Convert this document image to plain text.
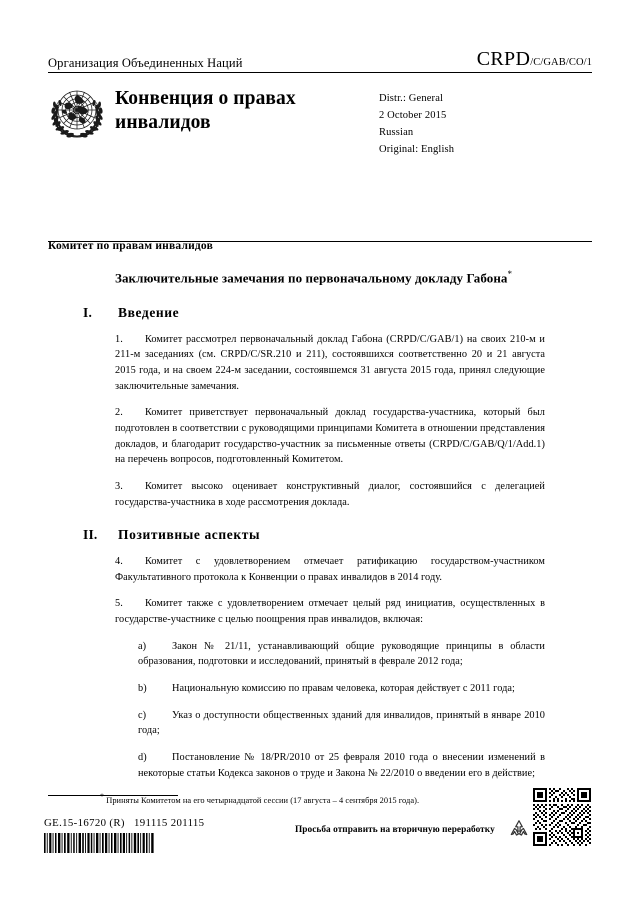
Организация Объединенных Наций	CRPD /C/GAB/CO/1
Конвенция о правах инвалидов
Distr.: General
2 October 2015
Russian
Original: English
Комитет по правам инвалидов
Заключительные замечания по первоначальному докладу Габона*
I.	Введение

1. Комитет рассмотрел первоначальный доклад Габона (CRPD/C/GAB/1) на своих 210-м и 211-м заседаниях (см. CRPD/C/SR.210 и 211), состоявшихся соответственно 20 и 21 августа 2015 года, и на своем 224-м заседании, состоявшемся 31 августа 2015 года, принял следующие заключительные замечания.

2. Комитет приветствует первоначальный доклад государства-участника, который был подготовлен в соответствии с руководящими принципами Комитета в отношении представления докладов, и благодарит государство-участник за письменные ответы (CRPD/C/GAB/Q/1/Add.1) на перечень вопросов, подготовленный Комитетом.

3. Комитет высоко оценивает конструктивный диалог, состоявшийся с делегацией государства-участника в ходе рассмотрения доклада.

II.	Позитивные аспекты

4. Комитет с удовлетворением отмечает ратификацию государством-участником Факультативного протокола к Конвенции о правах инвалидов в 2014 году.

5. Комитет также с удовлетворением отмечает целый ряд инициатив, осуществленных в государстве-участнике с целью поощрения прав инвалидов, включая:

a)	Закон № 21/11, устанавливающий общие руководящие принципы в области образования, подготовки и исследований, принятый в феврале 2012 года;

b) Национальную комиссию по правам человека, которая действует с 2011 года;

c)	Указ о доступности общественных зданий для инвалидов, принятый в январе 2010 года;

d) Постановление № 18/PR/2010 от 25 февраля 2010 года о внесении изменений в некоторые статьи Кодекса законов о труде и Закона № 22/2010 о введении его в действие;

* Приняты Комитетом на его четырнадцатой сессии (17 августа – 4 сентября 2015 года).
GE.15-16720 (R) 191115 201115
Просьба отправить на вторичную переработку
